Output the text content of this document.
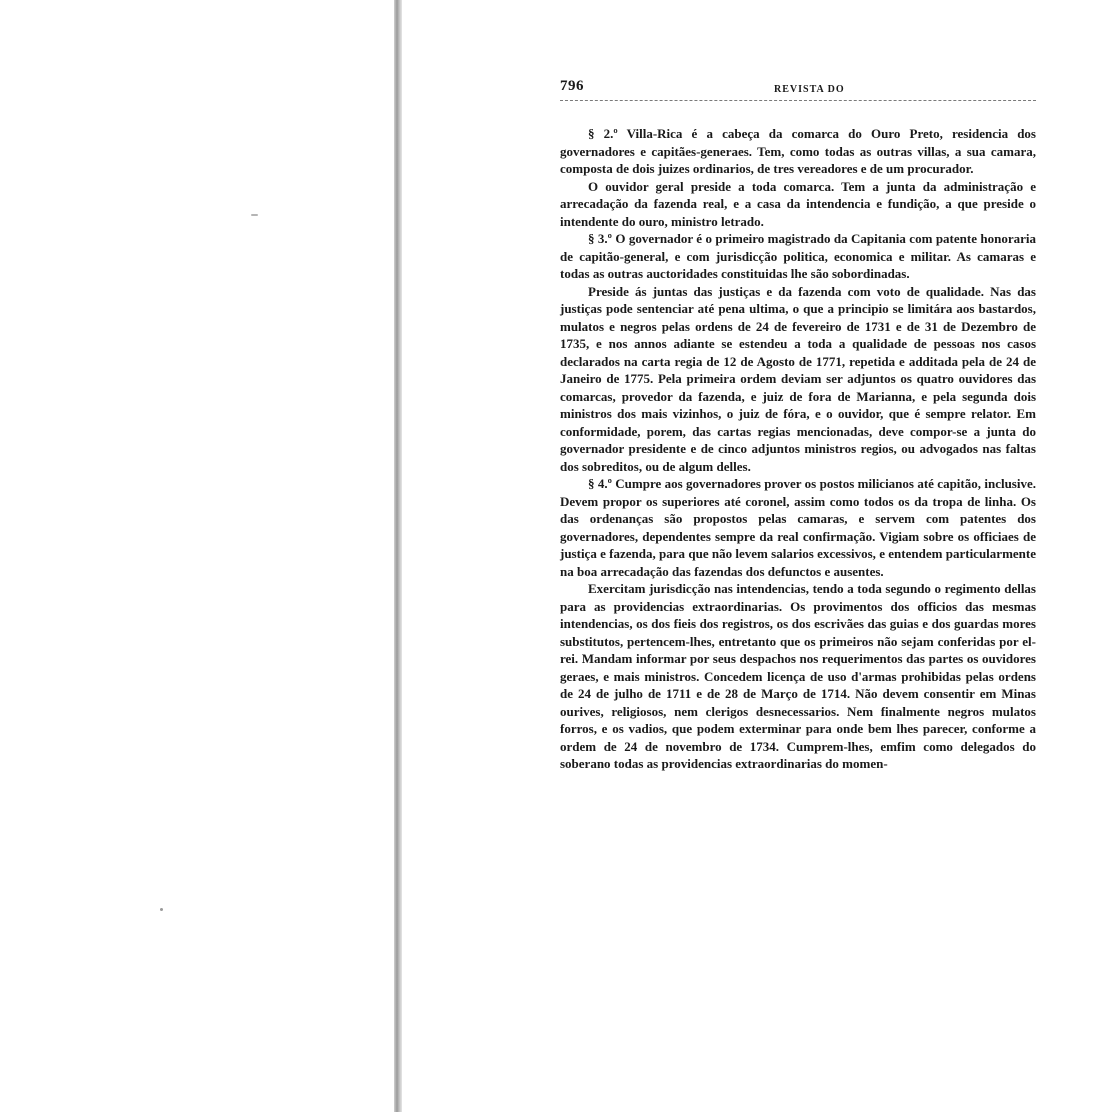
796	REVISTA DO

§ 2.º Villa-Rica é a cabeça da comarca do Ouro Preto, residencia dos governadores e capitães-generaes. Tem, como todas as outras villas, a sua camara, composta de dois juizes ordinarios, de tres vereadores e de um procurador.

O ouvidor geral preside a toda comarca. Tem a junta da administração e arrecadação da fazenda real, e a casa da intendencia e fundição, a que preside o intendente do ouro, ministro letrado.

§ 3.º O governador é o primeiro magistrado da Capitania com patente honoraria de capitão-general, e com jurisdicção politica, economica e militar. As camaras e todas as outras auctoridades constituidas lhe são sobordinadas.

Preside ás juntas das justiças e da fazenda com voto de qualidade. Nas das justiças pode sentenciar até pena ultima, o que a principio se limitára aos bastardos, mulatos e negros pelas ordens de 24 de fevereiro de 1731 e de 31 de Dezembro de 1735, e nos annos adiante se estendeu a toda a qualidade de pessoas nos casos declarados na carta regia de 12 de Agosto de 1771, repetida e additada pela de 24 de Janeiro de 1775. Pela primeira ordem deviam ser adjuntos os quatro ouvidores das comarcas, provedor da fazenda, e juiz de fora de Marianna, e pela segunda dois ministros dos mais vizinhos, o juiz de fóra, e o ouvidor, que é sempre relator. Em conformidade, porem, das cartas regias mencionadas, deve compor-se a junta do governador presidente e de cinco adjuntos ministros regios, ou advogados nas faltas dos sobreditos, ou de algum delles.

§ 4.º Cumpre aos governadores prover os postos milicianos até capitão, inclusive. Devem propor os superiores até coronel, assim como todos os da tropa de linha. Os das ordenanças são propostos pelas camaras, e servem com patentes dos governadores, dependentes sempre da real confirmação. Vigiam sobre os officiaes de justiça e fazenda, para que não levem salarios excessivos, e entendem particularmente na boa arrecadação das fazendas dos defunctos e ausentes.

Exercitam jurisdicção nas intendencias, tendo a toda segundo o regimento dellas para as providencias extraordinarias. Os provimentos dos officios das mesmas intendencias, os dos fieis dos registros, os dos escrivães das guias e dos guardas mores substitutos, pertencem-lhes, entretanto que os primeiros não sejam conferidas por el-rei. Mandam informar por seus despachos nos requerimentos das partes os ouvidores geraes, e mais ministros. Concedem licença de uso d'armas prohibidas pelas ordens de 24 de julho de 1711 e de 28 de Março de 1714. Não devem consentir em Minas ourives, religiosos, nem clerigos desnecessarios. Nem finalmente negros mulatos forros, e os vadios, que podem exterminar para onde bem lhes parecer, conforme a ordem de 24 de novembro de 1734. Cumprem-lhes, emfim como delegados do soberano todas as providencias extraordinarias do momen-
